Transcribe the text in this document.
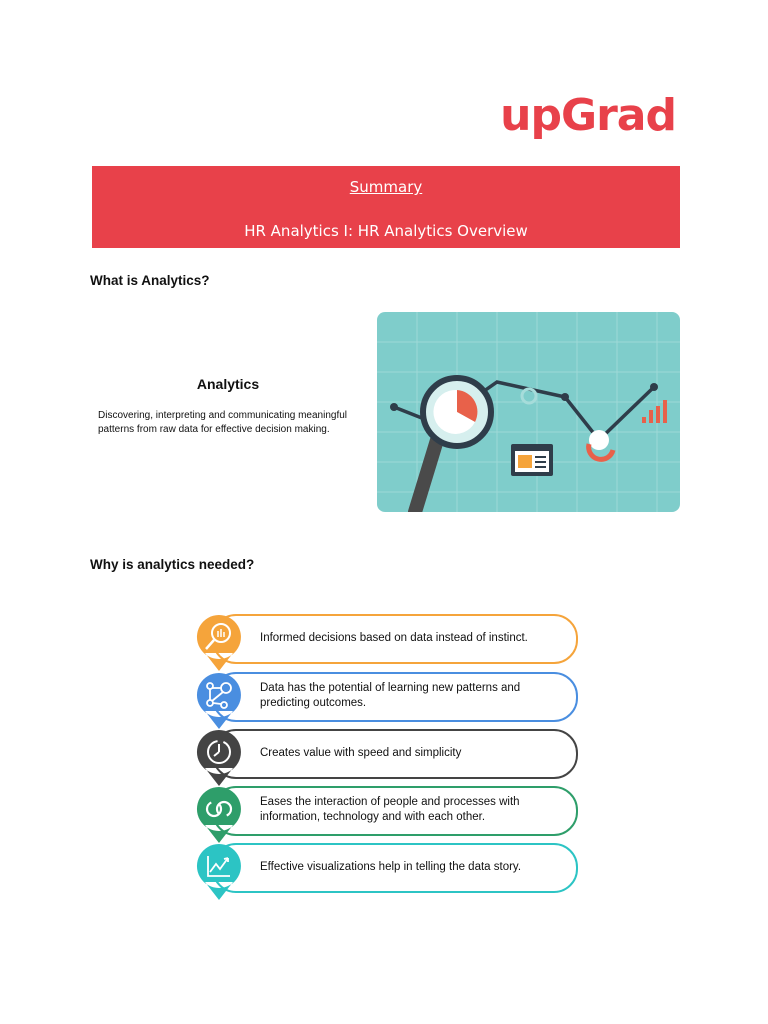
upGrad
Summary
HR Analytics I: HR Analytics Overview
What is Analytics?
Analytics
Discovering, interpreting and communicating meaningful patterns from raw data for effective decision making.
Why is analytics needed?
Informed decisions based on data instead of instinct.
Data has the potential of learning new patterns and predicting outcomes.
Creates value with speed and simplicity
Eases the interaction of people and processes with information, technology and with each other.
Effective visualizations help in telling the data story.
